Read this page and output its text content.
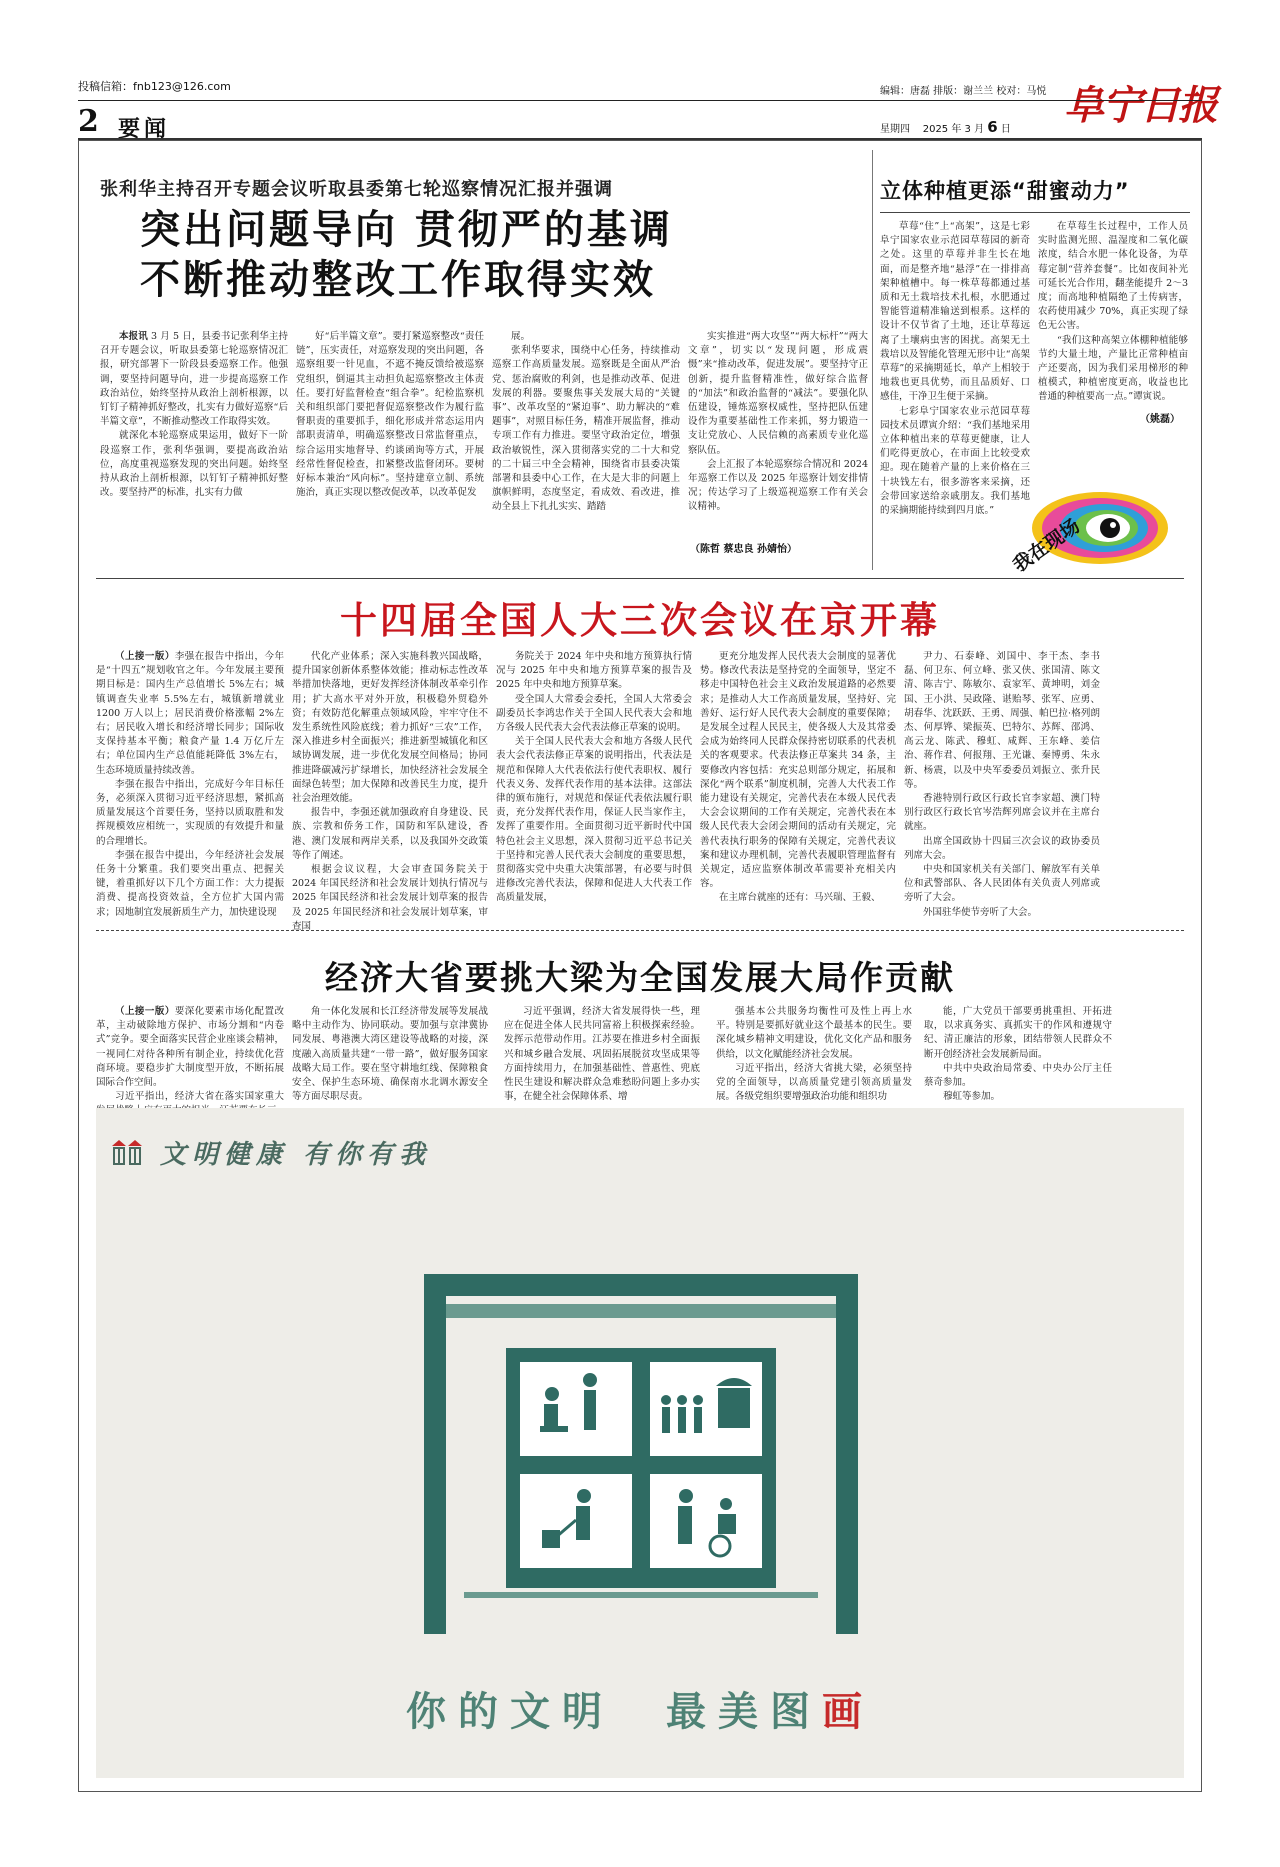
投稿信箱：fnb123@126.com	编辑：唐磊 排版：谢兰兰 校对：马悦 阜宁日报
2 要闻	星期四 2025 年 3 月 6 日
张利华主持召开专题会议听取县委第七轮巡察情况汇报并强调
突出问题导向 贯彻严的基调
不断推动整改工作取得实效

本报讯 3 月 5 日，县委书记张利华主持召开专题会议，听取县委第七轮巡察情况汇报，研究部署下一阶段县委巡察工作。他强调，要坚持问题导向，进一步提高巡察工作政治站位，始终坚持从政治上剖析根源，以钉钉子精神抓好整改，扎实有力做好巡察“后半篇文章”，不断推动整改工作取得实效。

就深化本轮巡察成果运用，做好下一阶段巡察工作，张利华强调，要提高政治站位，高度重视巡察发现的突出问题。始终坚持从政治上剖析根源，以钉钉子精神抓好整改。要坚持严的标准，扎实有力做

好“后半篇文章”。要打紧巡察整改“责任链”，压实责任，对巡察发现的突出问题，各巡察组要一针见血，不遮不掩反馈给被巡察党组织，倒逼其主动担负起巡察整改主体责任。要打好监督检查“组合拳”。纪检监察机关和组织部门要把督促巡察整改作为履行监督职责的重要抓手，细化形成并常态运用内部职责清单，明确巡察整改日常监督重点，综合运用实地督导、约谈函询等方式，开展经常性督促检查，扣紧整改监督闭环。要树好标本兼治“风向标”。坚持建章立制、系统施治，真正实现以整改促改革，以改革促发

展。

张利华要求，围绕中心任务，持续推动巡察工作高质量发展。巡察既是全面从严治党、惩治腐败的利剑，也是推动改革、促进发展的利器。要聚焦事关发展大局的“关键事”、改革攻坚的“紧迫事”、助力解决的“难题事”，对照目标任务，精准开展监督，推动专项工作有力推进。要坚守政治定位，增强政治敏锐性，深入贯彻落实党的二十大和党的二十届三中全会精神，围绕省市县委决策部署和县委中心工作，在大是大非的问题上旗帜鲜明，态度坚定，看成效、看改进，推动全县上下扎扎实实、踏踏

实实推进“两大攻坚”“两大标杆”“两大文章”，切实以“发现问题，形成震慑”来“推动改革，促进发展”。要坚持守正创新，提升监督精准性，做好综合监督的“加法”和政治监督的“减法”。要强化队伍建设，锤炼巡察权威性，坚持把队伍建设作为重要基础性工作来抓，努力锻造一支让党放心、人民信赖的高素质专业化巡察队伍。

会上汇报了本轮巡察综合情况和 2024 年巡察工作以及 2025 年巡察计划安排情况；传达学习了上级巡视巡察工作有关会议精神。

（陈哲 蔡忠良 孙婧怡）
立体种植更添“甜蜜动力”

草莓“住”上“高架”，这是七彩阜宁国家农业示范园草莓园的新奇之处。这里的草莓并非生长在地面，而是整齐地“悬浮”在一排排高架种植槽中。每一株草莓都通过基质和无土栽培技术扎根，水肥通过智能管道精准输送到根系。这样的设计不仅节省了土地，还让草莓远离了土壤病虫害的困扰。高架无土栽培以及智能化管理无形中让“高架草莓”的采摘期延长，单产上相较于地栽也更具优势，而且品质好、口感佳，干净卫生便于采摘。

七彩阜宁国家农业示范园草莓园技术员谭寅介绍：“我们基地采用立体种植出来的草莓更健康，让人们吃得更放心，在市面上比较受欢迎。现在随着产量的上来价格在三十块钱左右，很多游客来采摘，还会带回家送给亲戚朋友。我们基地的采摘期能持续到四月底。”

在草莓生长过程中，工作人员实时监测光照、温湿度和二氧化碳浓度，结合水肥一体化设备，为草莓定制“营养套餐”。比如夜间补光可延长光合作用，翻垄能提升 2～3 度；而高地种植隔绝了土传病害，农药使用减少 70%，真正实现了绿色无公害。

“我们这种高架立体棚种植能够节约大量土地，产量比正常种植亩产还要高，因为我们采用梯形的种植模式，种植密度更高，收益也比普通的种植要高一点。”谭寅说。

（姚磊）
我在现场
十四届全国人大三次会议在京开幕

（上接一版）李强在报告中指出，今年是“十四五”规划收官之年。今年发展主要预期目标是：国内生产总值增长 5%左右；城镇调查失业率 5.5%左右，城镇新增就业 1200 万人以上；居民消费价格涨幅 2%左右；居民收入增长和经济增长同步；国际收支保持基本平衡；粮食产量 1.4 万亿斤左右；单位国内生产总值能耗降低 3%左右，生态环境质量持续改善。

李强在报告中指出，完成好今年目标任务，必须深入贯彻习近平经济思想，紧抓高质量发展这个首要任务，坚持以质取胜和发挥规模效应相统一，实现质的有效提升和量的合理增长。

李强在报告中提出，今年经济社会发展任务十分繁重。我们要突出重点、把握关键，着重抓好以下几个方面工作：大力提振消费、提高投资效益，全方位扩大国内需求；因地制宜发展新质生产力，加快建设现

代化产业体系；深入实施科教兴国战略，提升国家创新体系整体效能；推动标志性改革举措加快落地，更好发挥经济体制改革牵引作用；扩大高水平对外开放，积极稳外贸稳外资；有效防范化解重点领域风险，牢牢守住不发生系统性风险底线；着力抓好“三农”工作，深入推进乡村全面振兴；推进新型城镇化和区域协调发展，进一步优化发展空间格局；协同推进降碳减污扩绿增长，加快经济社会发展全面绿色转型；加大保障和改善民生力度，提升社会治理效能。

报告中，李强还就加强政府自身建设、民族、宗教和侨务工作，国防和军队建设，香港、澳门发展和两岸关系，以及我国外交政策等作了阐述。

根据会议议程，大会审查国务院关于 2024 年国民经济和社会发展计划执行情况与 2025 年国民经济和社会发展计划草案的报告及 2025 年国民经济和社会发展计划草案，审查国

务院关于 2024 年中央和地方预算执行情况与 2025 年中央和地方预算草案的报告及 2025 年中央和地方预算草案。

受全国人大常委会委托，全国人大常委会副委员长李鸿忠作关于全国人民代表大会和地方各级人民代表大会代表法修正草案的说明。

关于全国人民代表大会和地方各级人民代表大会代表法修正草案的说明指出，代表法是规范和保障人大代表依法行使代表职权、履行代表义务、发挥代表作用的基本法律。这部法律的颁布施行，对规范和保证代表依法履行职责，充分发挥代表作用，保证人民当家作主，发挥了重要作用。全面贯彻习近平新时代中国特色社会主义思想，深入贯彻习近平总书记关于坚持和完善人民代表大会制度的重要思想，贯彻落实党中央重大决策部署，有必要与时俱进修改完善代表法，保障和促进人大代表工作高质量发展，

更充分地发挥人民代表大会制度的显著优势。修改代表法是坚持党的全面领导，坚定不移走中国特色社会主义政治发展道路的必然要求；是推动人大工作高质量发展，坚持好、完善好、运行好人民代表大会制度的重要保障；是发展全过程人民民主，使各级人大及其常委会成为始终同人民群众保持密切联系的代表机关的客观要求。代表法修正草案共 34 条，主要修改内容包括：充实总则部分规定，拓展和深化“两个联系”制度机制，完善人大代表工作能力建设有关规定，完善代表在本级人民代表大会会议期间的工作有关规定，完善代表在本级人民代表大会闭会期间的活动有关规定，完善代表执行职务的保障有关规定，完善代表议案和建议办理机制，完善代表履职管理监督有关规定，适应监察体制改革需要补充相关内容。

在主席台就座的还有：马兴瑞、王毅、

尹力、石泰峰、刘国中、李干杰、李书磊、何卫东、何立峰、张又侠、张国清、陈文清、陈吉宁、陈敏尔、袁家军、黄坤明，刘金国、王小洪、吴政隆、谌贻琴、张军、应勇、胡春华、沈跃跃、王勇、周强、帕巴拉·格列朗杰、何厚铧、梁振英、巴特尔、苏辉、邵鸿、高云龙、陈武、穆虹、咸辉、王东峰、姜信治、蒋作君、何报翔、王光谦、秦博勇、朱永新、杨震，以及中央军委委员刘振立、张升民等。

香港特别行政区行政长官李家超、澳门特别行政区行政长官岑浩辉列席会议并在主席台就座。

出席全国政协十四届三次会议的政协委员列席大会。

中央和国家机关有关部门、解放军有关单位和武警部队、各人民团体有关负责人列席或旁听了大会。

外国驻华使节旁听了大会。

经济大省要挑大梁为全国发展大局作贡献

（上接一版）要深化要素市场化配置改革，主动破除地方保护、市场分割和“内卷式”竞争。要全面落实民营企业座谈会精神，一视同仁对待各种所有制企业，持续优化营商环境。要稳步扩大制度型开放，不断拓展国际合作空间。

习近平指出，经济大省在落实国家重大

角一体化发展和长江经济带发展等发展战略中主动作为、协同联动。要加强与京津冀协同发展、粤港澳大湾区建设等战略的对接，深度融入高质量共建“一带一路”，做好服务国家战略大局工作。要在坚守耕地红线、保障粮食安全、保护生态环境、确保南水北调水源安全等方面尽职尽责。

习近平强调，经济大省发展得快一些，理应在促进全体人民共同富裕上积极探索经验。发挥示范带动作用。江苏要在推进乡村全面振兴和城乡融合发展、巩固拓展脱贫攻坚成果等方面持续用力，在加强基础性、普惠性、兜底性民生建设和解决群众急难愁盼问题上多办实事，在健全社会保障体系、增

强基本公共服务均衡性可及性上再上水平。特别是要抓好就业这个最基本的民生。要深化城乡精神文明建设，优化文化产品和服务供给，以文化赋能经济社会发展。

习近平指出，经济大省挑大梁，必须坚持党的全面领导，以高质量党建引领高质量发展。各级党组织要增强政治功能和组织功

能，广大党员干部要勇挑重担、开拓进取，以求真务实、真抓实干的作风和遵规守纪、清正廉洁的形象，团结带领人民群众不断开创经济社会发展新局面。

中共中央政治局常委、中央办公厅主任蔡奇参加。

穆虹等参加。

文明健康 有你有我
你的文明　最美图画
